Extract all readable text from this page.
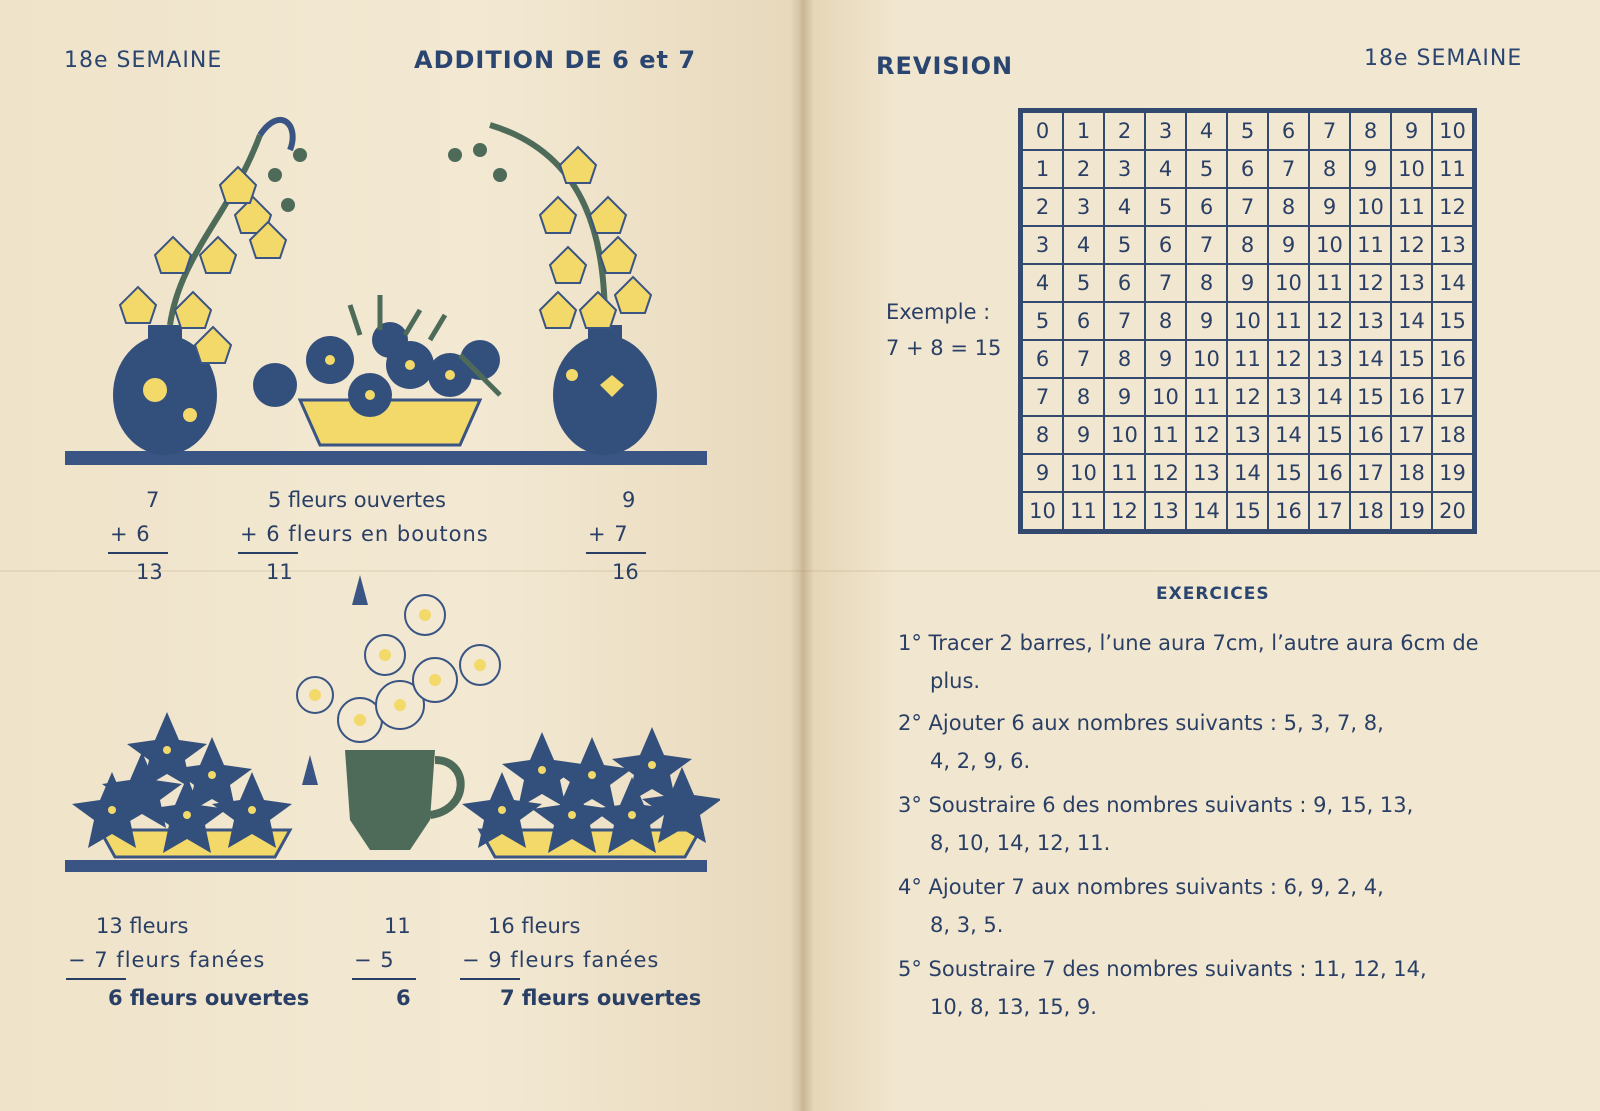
18e SEMAINE	ADDITION DE 6 et 7
7
+ 6
13
5 fleurs ouvertes
+ 6 fleurs en boutons
11
9
+ 7
16
13 fleurs
− 7 fleurs fanées
6 fleurs ouvertes
11
− 5
6
16 fleurs
− 9 fleurs fanées
7 fleurs ouvertes
REVISION	18e SEMAINE
Exemple :
7 + 8 = 15
0	1	2	3	4	5	6	7	8	9	10
1	2	3	4	5	6	7	8	9	10	11
2	3	4	5	6	7	8	9	10	11	12
3	4	5	6	7	8	9	10	11	12	13
4	5	6	7	8	9	10	11	12	13	14
5	6	7	8	9	10	11	12	13	14	15
6	7	8	9	10	11	12	13	14	15	16
7	8	9	10	11	12	13	14	15	16	17
8	9	10	11	12	13	14	15	16	17	18
9	10	11	12	13	14	15	16	17	18	19
10	11	12	13	14	15	16	17	18	19	20
EXERCICES
1° Tracer 2 barres, l’une aura 7cm, l’autre aura 6cm de
plus.
2° Ajouter 6 aux nombres suivants : 5, 3, 7, 8,
4, 2, 9, 6.
3° Soustraire 6 des nombres suivants : 9, 15, 13,
8, 10, 14, 12, 11.
4° Ajouter 7 aux nombres suivants : 6, 9, 2, 4,
8, 3, 5.
5° Soustraire 7 des nombres suivants : 11, 12, 14,
10, 8, 13, 15, 9.
